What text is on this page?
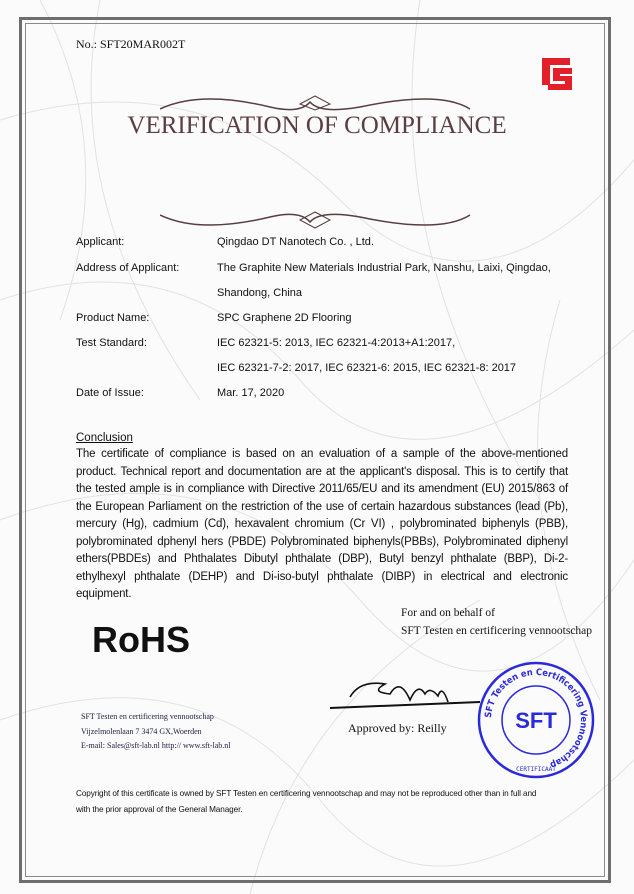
No.: SFT20MAR002T
VERIFICATION OF COMPLIANCE
Applicant:	Qingdao DT Nanotech Co. , Ltd.
Address of Applicant:	The Graphite New Materials Industrial Park, Nanshu, Laixi, Qingdao,
Shandong, China
Product Name:	SPC Graphene 2D Flooring
Test Standard:	IEC 62321-5: 2013, IEC 62321-4:2013+A1:2017,
IEC 62321-7-2: 2017, IEC 62321-6: 2015, IEC 62321-8: 2017
Date of Issue:	Mar. 17, 2020
Conclusion
The certificate of compliance is based on an evaluation of a sample of the above-mentioned product. Technical report and documentation are at the applicant's disposal. This is to certify that the tested ample is in compliance with Directive 2011/65/EU and its amendment (EU) 2015/863 of the European Parliament on the restriction of the use of certain hazardous substances (lead (Pb), mercury (Hg), cadmium (Cd), hexavalent chromium (Cr VI) , polybrominated biphenyls (PBB), polybrominated dphenyl hers (PBDE) Polybrominated biphenyls(PBBs), Polybrominated diphenyl ethers(PBDEs) and Phthalates Dibutyl phthalate (DBP), Butyl benzyl phthalate (BBP), Di-2-ethylhexyl phthalate (DEHP) and Di-iso-butyl phthalate (DIBP) in electrical and electronic equipment.
RoHS
For and on behalf of
SFT Testen en certificering vennootschap
SFT Testen en certificering vennootschap
Vijzelmolenlaan 7 3474 GX,Woerden
E-mail: Sales@sft-lab.nl http:// www.sft-lab.nl
SFT Testen en Certificering Vennootschap
SFT
CERTIFICAAT
Approved by: Reilly
Copyright of this certificate is owned by SFT Testen en certificering vennootschap and may not be reproduced other than in full and
with the prior approval of the General Manager.
